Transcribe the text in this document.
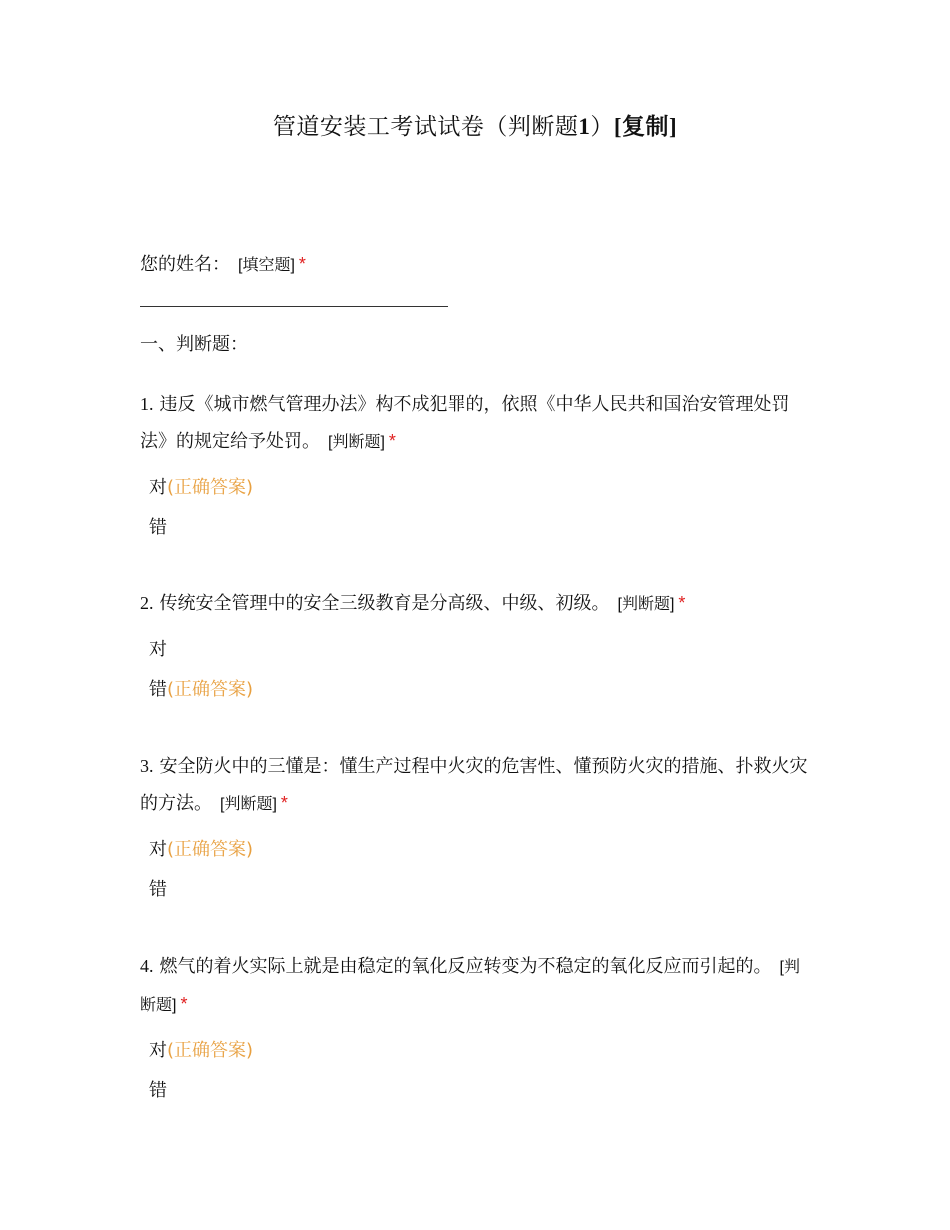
管道安装工考试试卷（判断题1）[复制]
您的姓名： [填空题] *
一、判断题：

1. 违反《城市燃气管理办法》构不成犯罪的，依照《中华人民共和国治安管理处罚法》的规定给予处罚。 [判断题] *

对(正确答案)
错

2. 传统安全管理中的安全三级教育是分高级、中级、初级。 [判断题] *

对
错(正确答案)

3. 安全防火中的三懂是：懂生产过程中火灾的危害性、懂预防火灾的措施、扑救火灾的方法。 [判断题] *

对(正确答案)
错

4. 燃气的着火实际上就是由稳定的氧化反应转变为不稳定的氧化反应而引起的。 [判断题] *

对(正确答案)
错
